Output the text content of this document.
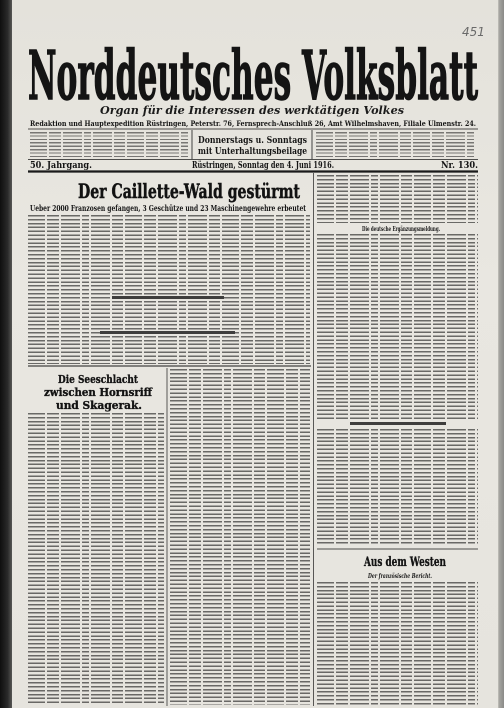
451
Norddeutsches Volksblatt
Organ für die Interessen des werktätigen Volkes
Redaktion und Hauptexpedition Rüstringen, Peterstr. 76, Fernsprech-Anschluß 26, Amt Wilhelmshaven, Filiale Ulmenstr. 24.
Donnerstags u. Sonntags
mit Unterhaltungsbeilage
50. Jahrgang.	Rüstringen, Sonntag den 4. Juni 1916.	Nr. 130.
Der Caillette-Wald gestürmt
Ueber 2000 Franzosen gefangen, 3 Geschütze und 23 Maschinengewehre erbeutet
Die Seeschlacht
zwischen Hornsriff
und Skagerak.
Die deutsche Ergänzungsmeldung.
Aus dem Westen
Der französische Bericht.
